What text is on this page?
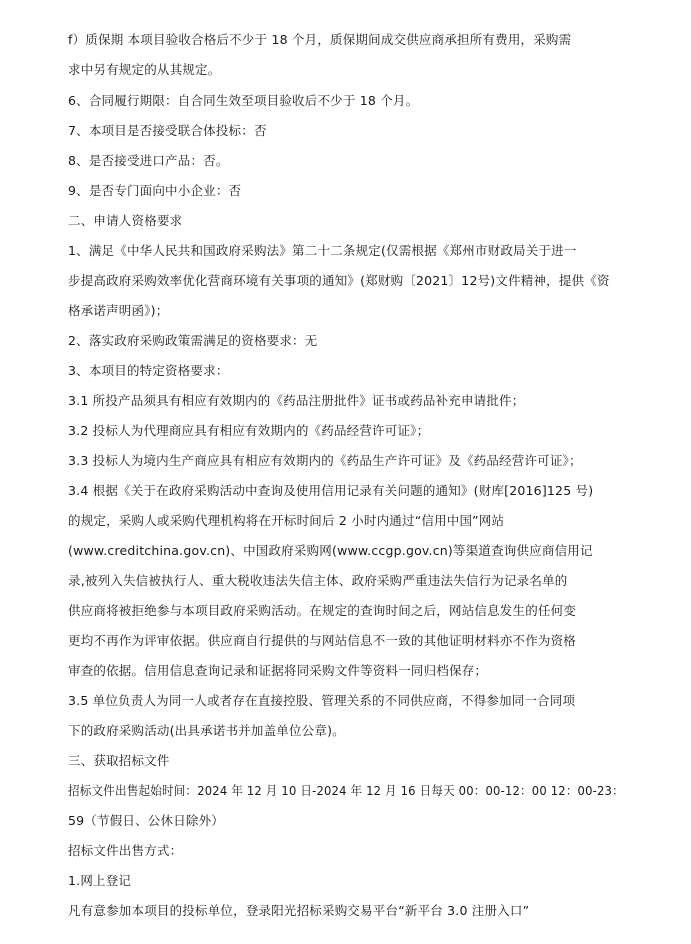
f）质保期 本项目验收合格后不少于 18 个月，质保期间成交供应商承担所有费用，采购需
求中另有规定的从其规定。
6、合同履行期限：自合同生效至项目验收后不少于 18 个月。
7、本项目是否接受联合体投标：否
8、是否接受进口产品：否。
9、是否专门面向中小企业：否
二、申请人资格要求
1、满足《中华人民共和国政府采购法》第二十二条规定(仅需根据《郑州市财政局关于进一
步提高政府采购效率优化营商环境有关事项的通知》(郑财购〔2021〕12号)文件精神，提供《资
格承诺声明函》)；
2、落实政府采购政策需满足的资格要求：无
3、本项目的特定资格要求：
3.1 所投产品须具有相应有效期内的《药品注册批件》证书或药品补充申请批件；
3.2 投标人为代理商应具有相应有效期内的《药品经营许可证》；
3.3 投标人为境内生产商应具有相应有效期内的《药品生产许可证》及《药品经营许可证》；
3.4 根据《关于在政府采购活动中查询及使用信用记录有关问题的通知》(财库[2016]125 号)
的规定，采购人或采购代理机构将在开标时间后 2 小时内通过“信用中国”网站
(www.creditchina.gov.cn)、中国政府采购网(www.ccgp.gov.cn)等渠道查询供应商信用记
录,被列入失信被执行人、重大税收违法失信主体、政府采购严重违法失信行为记录名单的
供应商将被拒绝参与本项目政府采购活动。在规定的查询时间之后，网站信息发生的任何变
更均不再作为评审依据。供应商自行提供的与网站信息不一致的其他证明材料亦不作为资格
审查的依据。信用信息查询记录和证据将同采购文件等资料一同归档保存；
3.5 单位负责人为同一人或者存在直接控股、管理关系的不同供应商，不得参加同一合同项
下的政府采购活动(出具承诺书并加盖单位公章)。
三、获取招标文件
招标文件出售起始时间：2024 年 12 月 10 日-2024 年 12 月 16 日每天 00：00-12：00 12：00-23：
59（节假日、公休日除外）
招标文件出售方式：
1.网上登记
凡有意参加本项目的投标单位，登录阳光招标采购交易平台“新平台 3.0 注册入口”
